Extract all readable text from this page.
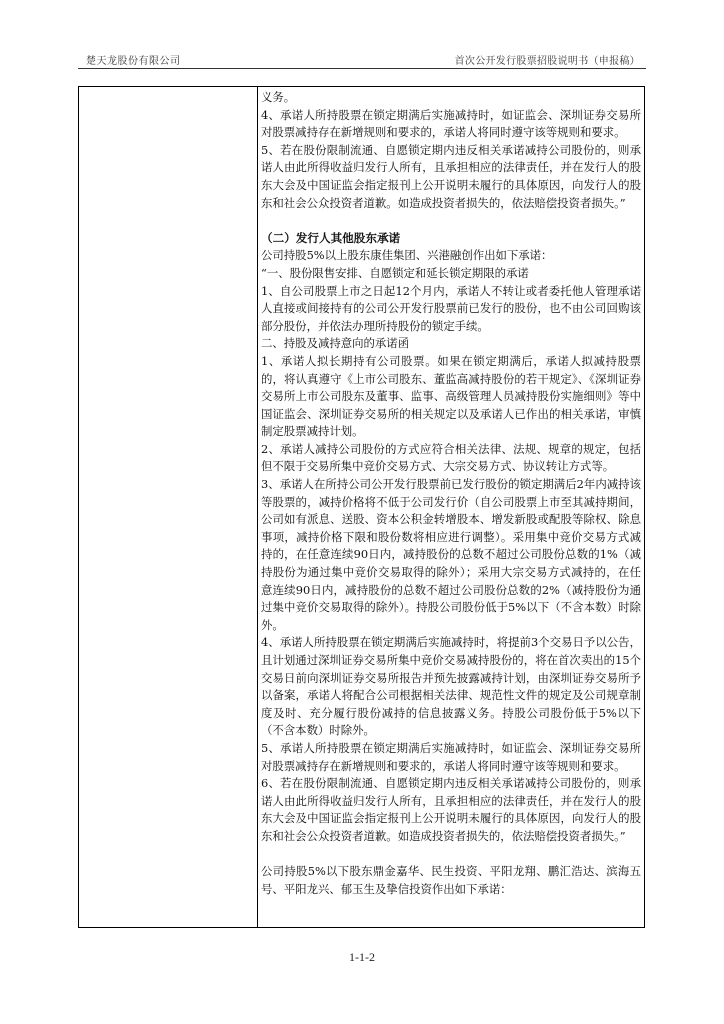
楚天龙股份有限公司	首次公开发行股票招股说明书（申报稿）

义务。

4、承诺人所持股票在锁定期满后实施减持时，如证监会、深圳证券交易所对股票减持存在新增规则和要求的，承诺人将同时遵守该等规则和要求。

5、若在股份限制流通、自愿锁定期内违反相关承诺减持公司股份的，则承诺人由此所得收益归发行人所有，且承担相应的法律责任，并在发行人的股东大会及中国证监会指定报刊上公开说明未履行的具体原因，向发行人的股东和社会公众投资者道歉。如造成投资者损失的，依法赔偿投资者损失。”

（二）发行人其他股东承诺

公司持股5%以上股东康佳集团、兴港融创作出如下承诺：

“一、股份限售安排、自愿锁定和延长锁定期限的承诺

1、自公司股票上市之日起12个月内，承诺人不转让或者委托他人管理承诺人直接或间接持有的公司公开发行股票前已发行的股份，也不由公司回购该部分股份，并依法办理所持股份的锁定手续。

二、持股及减持意向的承诺函

1、承诺人拟长期持有公司股票。如果在锁定期满后，承诺人拟减持股票的，将认真遵守《上市公司股东、董监高减持股份的若干规定》、《深圳证券交易所上市公司股东及董事、监事、高级管理人员减持股份实施细则》等中国证监会、深圳证券交易所的相关规定以及承诺人已作出的相关承诺，审慎制定股票减持计划。

2、承诺人减持公司股份的方式应符合相关法律、法规、规章的规定，包括但不限于交易所集中竞价交易方式、大宗交易方式、协议转让方式等。

3、承诺人在所持公司公开发行股票前已发行股份的锁定期满后2年内减持该等股票的，减持价格将不低于公司发行价（自公司股票上市至其减持期间，公司如有派息、送股、资本公积金转增股本、增发新股或配股等除权、除息事项，减持价格下限和股份数将相应进行调整）。采用集中竞价交易方式减持的，在任意连续90日内，减持股份的总数不超过公司股份总数的1%（减持股份为通过集中竞价交易取得的除外）；采用大宗交易方式减持的，在任意连续90日内，减持股份的总数不超过公司股份总数的2%（减持股份为通过集中竞价交易取得的除外）。持股公司股份低于5%以下（不含本数）时除外。

4、承诺人所持股票在锁定期满后实施减持时，将提前3个交易日予以公告，且计划通过深圳证券交易所集中竞价交易减持股份的，将在首次卖出的15个交易日前向深圳证券交易所报告并预先披露减持计划，由深圳证券交易所予以备案，承诺人将配合公司根据相关法律、规范性文件的规定及公司规章制度及时、充分履行股份减持的信息披露义务。持股公司股份低于5%以下（不含本数）时除外。

5、承诺人所持股票在锁定期满后实施减持时，如证监会、深圳证券交易所对股票减持存在新增规则和要求的，承诺人将同时遵守该等规则和要求。

6、若在股份限制流通、自愿锁定期内违反相关承诺减持公司股份的，则承诺人由此所得收益归发行人所有，且承担相应的法律责任，并在发行人的股东大会及中国证监会指定报刊上公开说明未履行的具体原因，向发行人的股东和社会公众投资者道歉。如造成投资者损失的，依法赔偿投资者损失。”

公司持股5%以下股东鼎金嘉华、民生投资、平阳龙翔、鹏汇浩达、滨海五号、平阳龙兴、郁玉生及挚信投资作出如下承诺：

1-1-2
